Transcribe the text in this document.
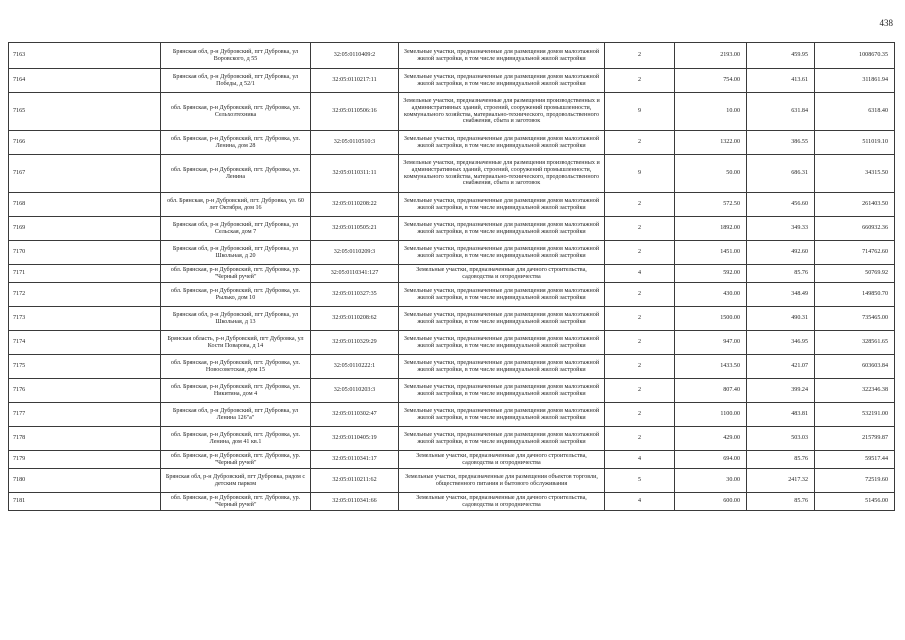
438
7163	Брянская обл, р-н Дубровский, пгт Дубровка, ул Воровского, д 55	32:05:0110409:2	Земельные участки, предназначенные для размещения домов малоэтажной жилой застройки, в том числе индивидуальной жилой застройки	2	2193.00	459.95	1008670.35
7164	Брянская обл, р-н Дубровский, пгт Дубровка, ул Победы, д 52/1	32:05:0110217:11	Земельные участки, предназначенные для размещения домов малоэтажной жилой застройки, в том числе индивидуальной жилой застройки	2	754.00	413.61	311861.94
7165	обл. Брянская, р-н Дубровский, пгт. Дубровка, ул. Сельхозтехника	32:05:0110506:16	Земельные участки, предназначенные для размещения производственных и административных зданий, строений, сооружений промышленности, коммунального хозяйства, материально-технического, продовольственного снабжения, сбыта и заготовок	9	10.00	631.84	6318.40
7166	обл. Брянская, р-н Дубровский, пгт. Дубровка, ул. Ленина, дом 28	32:05:0110510:3	Земельные участки, предназначенные для размещения домов малоэтажной жилой застройки, в том числе индивидуальной жилой застройки	2	1322.00	386.55	511019.10
7167	обл. Брянская, р-н Дубровский, пгт. Дубровка, ул. Ленина	32:05:0110311:11	Земельные участки, предназначенные для размещения производственных и административных зданий, строений, сооружений промышленности, коммунального хозяйства, материально-технического, продовольственного снабжения, сбыта и заготовок	9	50.00	686.31	34315.50
7168	обл. Брянская, р-н Дубровский, пгт. Дубровка, ул. 60 лет Октября, дом 16	32:05:0110208:22	Земельные участки, предназначенные для размещения домов малоэтажной жилой застройки, в том числе индивидуальной жилой застройки	2	572.50	456.60	261403.50
7169	Брянская обл, р-н Дубровский, пгт Дубровка, ул Сельская, дом 7	32:05:0110505:21	Земельные участки, предназначенные для размещения домов малоэтажной жилой застройки, в том числе индивидуальной жилой застройки	2	1892.00	349.33	660932.36
7170	Брянская обл, р-н Дубровский, пгт Дубровка, ул Школьная, д 20	32:05:0110209:3	Земельные участки, предназначенные для размещения домов малоэтажной жилой застройки, в том числе индивидуальной жилой застройки	2	1451.00	492.60	714762.60
7171	обл. Брянская, р-н Дубровский, пгт. Дубровка, ур. "Черный ручей"	32:05:0110341:127	Земельные участки, предназначенные для дачного строительства, садоводства и огородничества	4	592.00	85.76	50769.92
7172	обл. Брянская, р-н Дубровский, пгт. Дубровка, ул. Рылько, дом 10	32:05:0110327:35	Земельные участки, предназначенные для размещения домов малоэтажной жилой застройки, в том числе индивидуальной жилой застройки	2	430.00	348.49	149850.70
7173	Брянская обл, р-н Дубровский, пгт Дубровка, ул Школьная, д 13	32:05:0110208:62	Земельные участки, предназначенные для размещения домов малоэтажной жилой застройки, в том числе индивидуальной жилой застройки	2	1500.00	490.31	735465.00
7174	Брянская область, р-н Дубровский, пгт Дубровка, ул Кости Поварова, д 14	32:05:0110329:29	Земельные участки, предназначенные для размещения домов малоэтажной жилой застройки, в том числе индивидуальной жилой застройки	2	947.00	346.95	328561.65
7175	обл. Брянская, р-н Дубровский, пгт. Дубровка, ул. Новосоветская, дом 15	32:05:0110222:1	Земельные участки, предназначенные для размещения домов малоэтажной жилой застройки, в том числе индивидуальной жилой застройки	2	1433.50	421.07	603603.84
7176	обл. Брянская, р-н Дубровский, пгт. Дубровка, ул. Никитина, дом 4	32:05:0110203:3	Земельные участки, предназначенные для размещения домов малоэтажной жилой застройки, в том числе индивидуальной жилой застройки	2	807.40	399.24	322346.38
7177	Брянская обл, р-н Дубровский, пгт Дубровка, ул Ленина 126"а"	32:05:0110302:47	Земельные участки, предназначенные для размещения домов малоэтажной жилой застройки, в том числе индивидуальной жилой застройки	2	1100.00	483.81	532191.00
7178	обл. Брянская, р-н Дубровский, пгт. Дубровка, ул. Ленина, дом 41 кв.1	32:05:0110405:19	Земельные участки, предназначенные для размещения домов малоэтажной жилой застройки, в том числе индивидуальной жилой застройки	2	429.00	503.03	215799.87
7179	обл. Брянская, р-н Дубровский, пгт. Дубровка, ур. "Черный ручей"	32:05:0110341:17	Земельные участки, предназначенные для дачного строительства, садоводства и огородничества	4	694.00	85.76	59517.44
7180	Брянская обл, р-н Дубровский, пгт Дубровка, рядом с детским парком	32:05:0110211:62	Земельные участки, предназначенные для размещения объектов торговли, общественного питания и бытового обслуживания	5	30.00	2417.32	72519.60
7181	обл. Брянская, р-н Дубровский, пгт. Дубровка, ур. "Черный ручей"	32:05:0110341:66	Земельные участки, предназначенные для дачного строительства, садоводства и огородничества	4	600.00	85.76	51456.00
